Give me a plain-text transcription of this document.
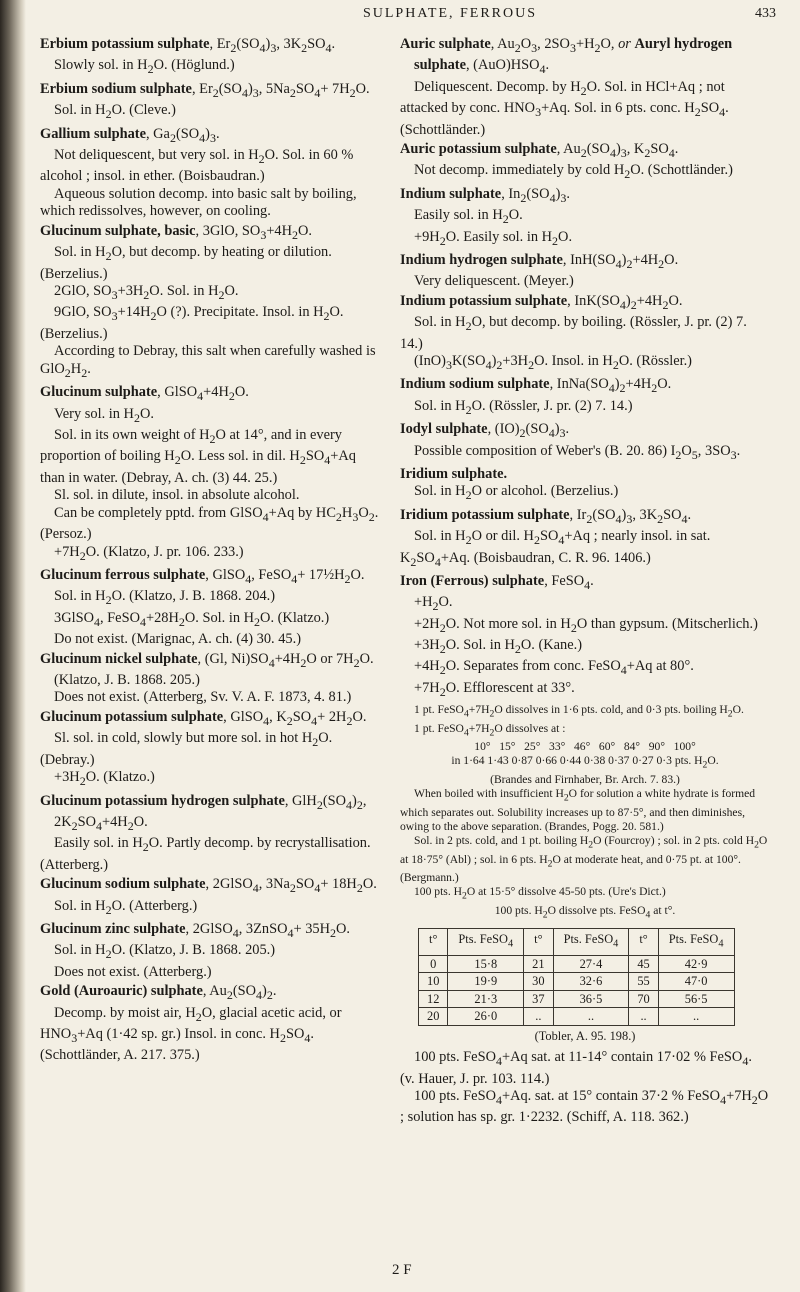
SULPHATE, FERROUS	433

Erbium potassium sulphate, $Er_2(SO_4)_3$, $3K_2SO_4$.

Slowly sol. in $H_2O$. (Höglund.)

Erbium sodium sulphate, $Er_2(SO_4)_3$, $5Na_2SO_4+ 7H_2O$.

Sol. in $H_2O$. (Cleve.)

Gallium sulphate, $Ga_2(SO_4)_3$.

Not deliquescent, but very sol. in $H_2O$. Sol. in 60 % alcohol ; insol. in ether. (Boisbaudran.)

Aqueous solution decomp. into basic salt by boiling, which redissolves, however, on cooling.

Glucinum sulphate, basic, 3GlO, $SO_3+4H_2O$.

Sol. in $H_2O$, but decomp. by heating or dilution. (Berzelius.)

2GlO, $SO_3+3H_2O$. Sol. in $H_2O$.

9GlO, $SO_3+14H_2O$ (?). Precipitate. Insol. in $H_2O$. (Berzelius.)

According to Debray, this salt when carefully washed is $GlO_2H_2$.

Glucinum sulphate, $GlSO_4+4H_2O$.

Very sol. in $H_2O$.

Sol. in its own weight of $H_2O$ at 14°, and in every proportion of boiling $H_2O$. Less sol. in dil. $H_2SO_4+Aq$ than in water. (Debray, A. ch. (3) 44. 25.)

Sl. sol. in dilute, insol. in absolute alcohol.

Can be completely pptd. from GlSO$_4$+Aq by $HC_2H_3O_2$. (Persoz.)

$+7H_2O$. (Klatzo, J. pr. 106. 233.)

Glucinum ferrous sulphate, GlSO$_4$, FeSO$_4$+ $17\frac{1}{2}H_2O$.

Sol. in $H_2O$. (Klatzo, J. B. 1868. 204.)

3GlSO$_4$, $FeSO_4+28H_2O$. Sol. in $H_2O$. (Klatzo.)

Do not exist. (Marignac, A. ch. (4) 30. 45.)

Glucinum nickel sulphate, (Gl, $Ni)SO_4+4H_2O$ or $7H_2O$.

(Klatzo, J. B. 1868. 205.)

Does not exist. (Atterberg, Sv. V. A. F. 1873, 4. 81.)

Glucinum potassium sulphate, GlSO$_4$, $K_2SO_4+ 2H_2O$.

Sl. sol. in cold, slowly but more sol. in hot $H_2O$. (Debray.)

$+3H_2O$. (Klatzo.)

Glucinum potassium hydrogen sulphate, $GlH_2(SO_4)_2$, $2K_2SO_4+4H_2O$.

Easily sol. in $H_2O$. Partly decomp. by recrystallisation. (Atterberg.)

Glucinum sodium sulphate, 2GlSO$_4$, $3Na_2SO_4+ 18H_2O$.

Sol. in $H_2O$. (Atterberg.)

Glucinum zinc sulphate, 2GlSO$_4$, 3ZnSO$_4$+ $35H_2O$.

Sol. in $H_2O$. (Klatzo, J. B. 1868. 205.)

Does not exist. (Atterberg.)

Gold (Auroauric) sulphate, $Au_2(SO_4)_2$.

Decomp. by moist air, $H_2O$, glacial acetic acid, or $HNO_3+Aq$ (1·42 sp. gr.) Insol. in conc. $H_2SO_4$. (Schottländer, A. 217. 375.)

Auric sulphate, $Au_2O_3$, $2SO_3+H_2O$, or Auryl hydrogen sulphate, $(AuO)HSO_4$.

Deliquescent. Decomp. by $H_2O$. Sol. in HCl+Aq ; not attacked by conc. $HNO_3+Aq$. Sol. in 6 pts. conc. $H_2SO_4$. (Schottländer.)

Auric potassium sulphate, $Au_2(SO_4)_3$, $K_2SO_4$.

Not decomp. immediately by cold $H_2O$. (Schottländer.)

Indium sulphate, $In_2(SO_4)_3$.

Easily sol. in $H_2O$.

$+9H_2O$. Easily sol. in $H_2O$.

Indium hydrogen sulphate, $InH(SO_4)_2+4H_2O$.

Very deliquescent. (Meyer.)

Indium potassium sulphate, $InK(SO_4)_2+4H_2O$.

Sol. in $H_2O$, but decomp. by boiling. (Rössler, J. pr. (2) 7. 14.)

$(InO)_3K(SO_4)_2+3H_2O$. Insol. in $H_2O$. (Rössler.)

Indium sodium sulphate, $InNa(SO_4)_2+4H_2O$.

Sol. in $H_2O$. (Rössler, J. pr. (2) 7. 14.)

Iodyl sulphate, $(IO)_2(SO_4)_3$.

Possible composition of Weber's (B. 20. 86) $I_2O_5$, $3SO_3$.

Iridium sulphate.

Sol. in $H_2O$ or alcohol. (Berzelius.)

Iridium potassium sulphate, $Ir_2(SO_4)_3$, $3K_2SO_4$.

Sol. in $H_2O$ or dil. $H_2SO_4+Aq$ ; nearly insol. in sat. $K_2SO_4+Aq$. (Boisbaudran, C. R. 96. 1406.)

Iron (Ferrous) sulphate, FeSO$_4$.

$+H_2O$.

$+2H_2O$. Not more sol. in $H_2O$ than gypsum. (Mitscherlich.)

$+3H_2O$. Sol. in $H_2O$. (Kane.)

$+4H_2O$. Separates from conc. FeSO$_4$+Aq at 80°.

$+7H_2O$. Efflorescent at 33°.

1 pt. $FeSO_4+7H_2O$ dissolves in 1·6 pts. cold, and 0·3 pts. boiling $H_2O$.

1 pt. $FeSO_4+7H_2O$ dissolves at :

10°   15°   25°   33°   46°   60°   84°   90°   100°

in 1·64 1·43 0·87 0·66 0·44 0·38 0·37 0·27 0·3 pts. $H_2O$.

(Brandes and Firnhaber, Br. Arch. 7. 83.)

When boiled with insufficient $H_2O$ for solution a white hydrate is formed which separates out. Solubility increases up to 87·5°, and then diminishes, owing to the above separation. (Brandes, Pogg. 20. 581.)

Sol. in 2 pts. cold, and 1 pt. boiling $H_2O$ (Fourcroy) ; sol. in 2 pts. cold $H_2O$ at 18·75° (Abl) ; sol. in 6 pts. $H_2O$ at moderate heat, and 0·75 pt. at 100°. (Bergmann.)

100 pts. $H_2O$ at 15·5° dissolve 45-50 pts. (Ure's Dict.)

100 pts. $H_2O$ dissolve pts. FeSO$_4$ at t°.

t°	Pts. FeSO$_4$	t°	Pts. FeSO$_4$	t°	Pts. FeSO$_4$
0	15·8	21	27·4	45	42·9
10	19·9	30	32·6	55	47·0
12	21·3	37	36·5	70	56·5
20	26·0	..	..	..	..
(Tobler, A. 95. 198.)

100 pts. FeSO$_4$+Aq sat. at 11-14° contain 17·02 % FeSO$_4$. (v. Hauer, J. pr. 103. 114.)

100 pts. FeSO$_4$+Aq. sat. at 15° contain 37·2 % $FeSO_4+7H_2O$ ; solution has sp. gr. 1·2232. (Schiff, A. 118. 362.)

2 F
